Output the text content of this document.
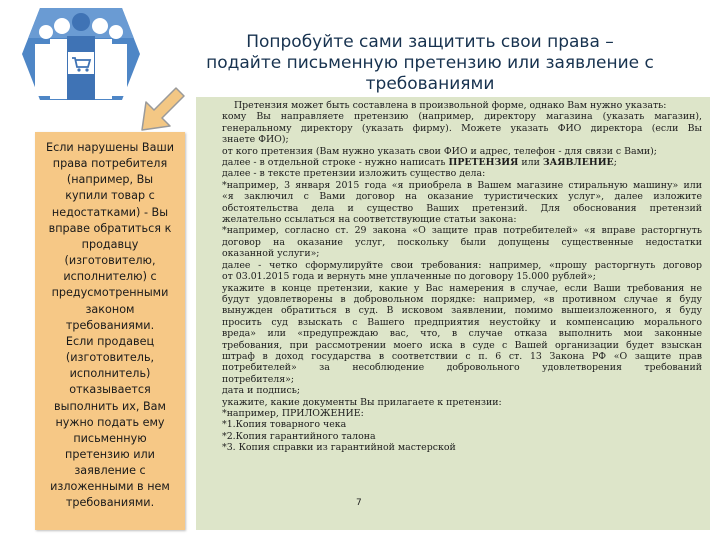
Попробуйте сами защитить свои права –
подайте письменную претензию или заявление с
требованиями
Если нарушены Ваши
права потребителя
(например, Вы
купили товар с
недостатками) - Вы
вправе обратиться к
продавцу
(изготовителю,
исполнителю) с
предусмотренными
законом
требованиями.
Если продавец
(изготовитель,
исполнитель)
отказывается
выполнить их, Вам
нужно подать ему
письменную
претензию или
заявление с
изложенными в нем
требованиями.
Претензия может быть составлена в произвольной форме, однако Вам нужно указать:
кому Вы направляете претензию (например, директору магазина (указать магазин),
генеральному директору (указать фирму). Можете указать ФИО директора (если Вы
знаете ФИО);
от кого претензия (Вам нужно указать свои ФИО и адрес, телефон - для связи с Вами);
далее - в отдельной строке - нужно написать ПРЕТЕНЗИЯ или ЗАЯВЛЕНИЕ;
далее - в тексте претензии изложить существо дела:
*например, 3 января 2015 года «я приобрела в Вашем магазине стиральную машину» или
«я заключил с Вами договор на оказание туристических услуг», далее изложите
обстоятельства дела и существо Ваших претензий. Для обоснования претензий
желательно ссылаться на соответствующие статьи закона:
*например, согласно ст. 29 закона «О защите прав потребителей» «я вправе расторгнуть
договор на оказание услуг, поскольку были допущены существенные недостатки
оказанной услуги»;
далее - четко сформулируйте свои требования: например, «прошу расторгнуть договор
от 03.01.2015 года и вернуть мне уплаченные по договору 15.000 рублей»;
укажите в конце претензии, какие у Вас намерения в случае, если Ваши требования не
будут удовлетворены в добровольном порядке: например, «в противном случае я буду
вынужден обратиться в суд. В исковом заявлении, помимо вышеизложенного, я буду
просить суд взыскать с Вашего предприятия неустойку и компенсацию морального
вреда» или «предупреждаю вас, что, в случае отказа выполнить мои законные
требования, при рассмотрении моего иска в суде с Вашей организации будет взыскан
штраф в доход государства в соответствии с п. 6 ст. 13 Закона РФ «О защите прав
потребителей» за несоблюдение добровольного удовлетворения требований
потребителя»;
дата и подпись;
укажите, какие документы Вы прилагаете к претензии:
*например, ПРИЛОЖЕНИЕ:
*1.Копия товарного чека
*2.Копия гарантийного талона
*3. Копия справки из гарантийной мастерской
7
